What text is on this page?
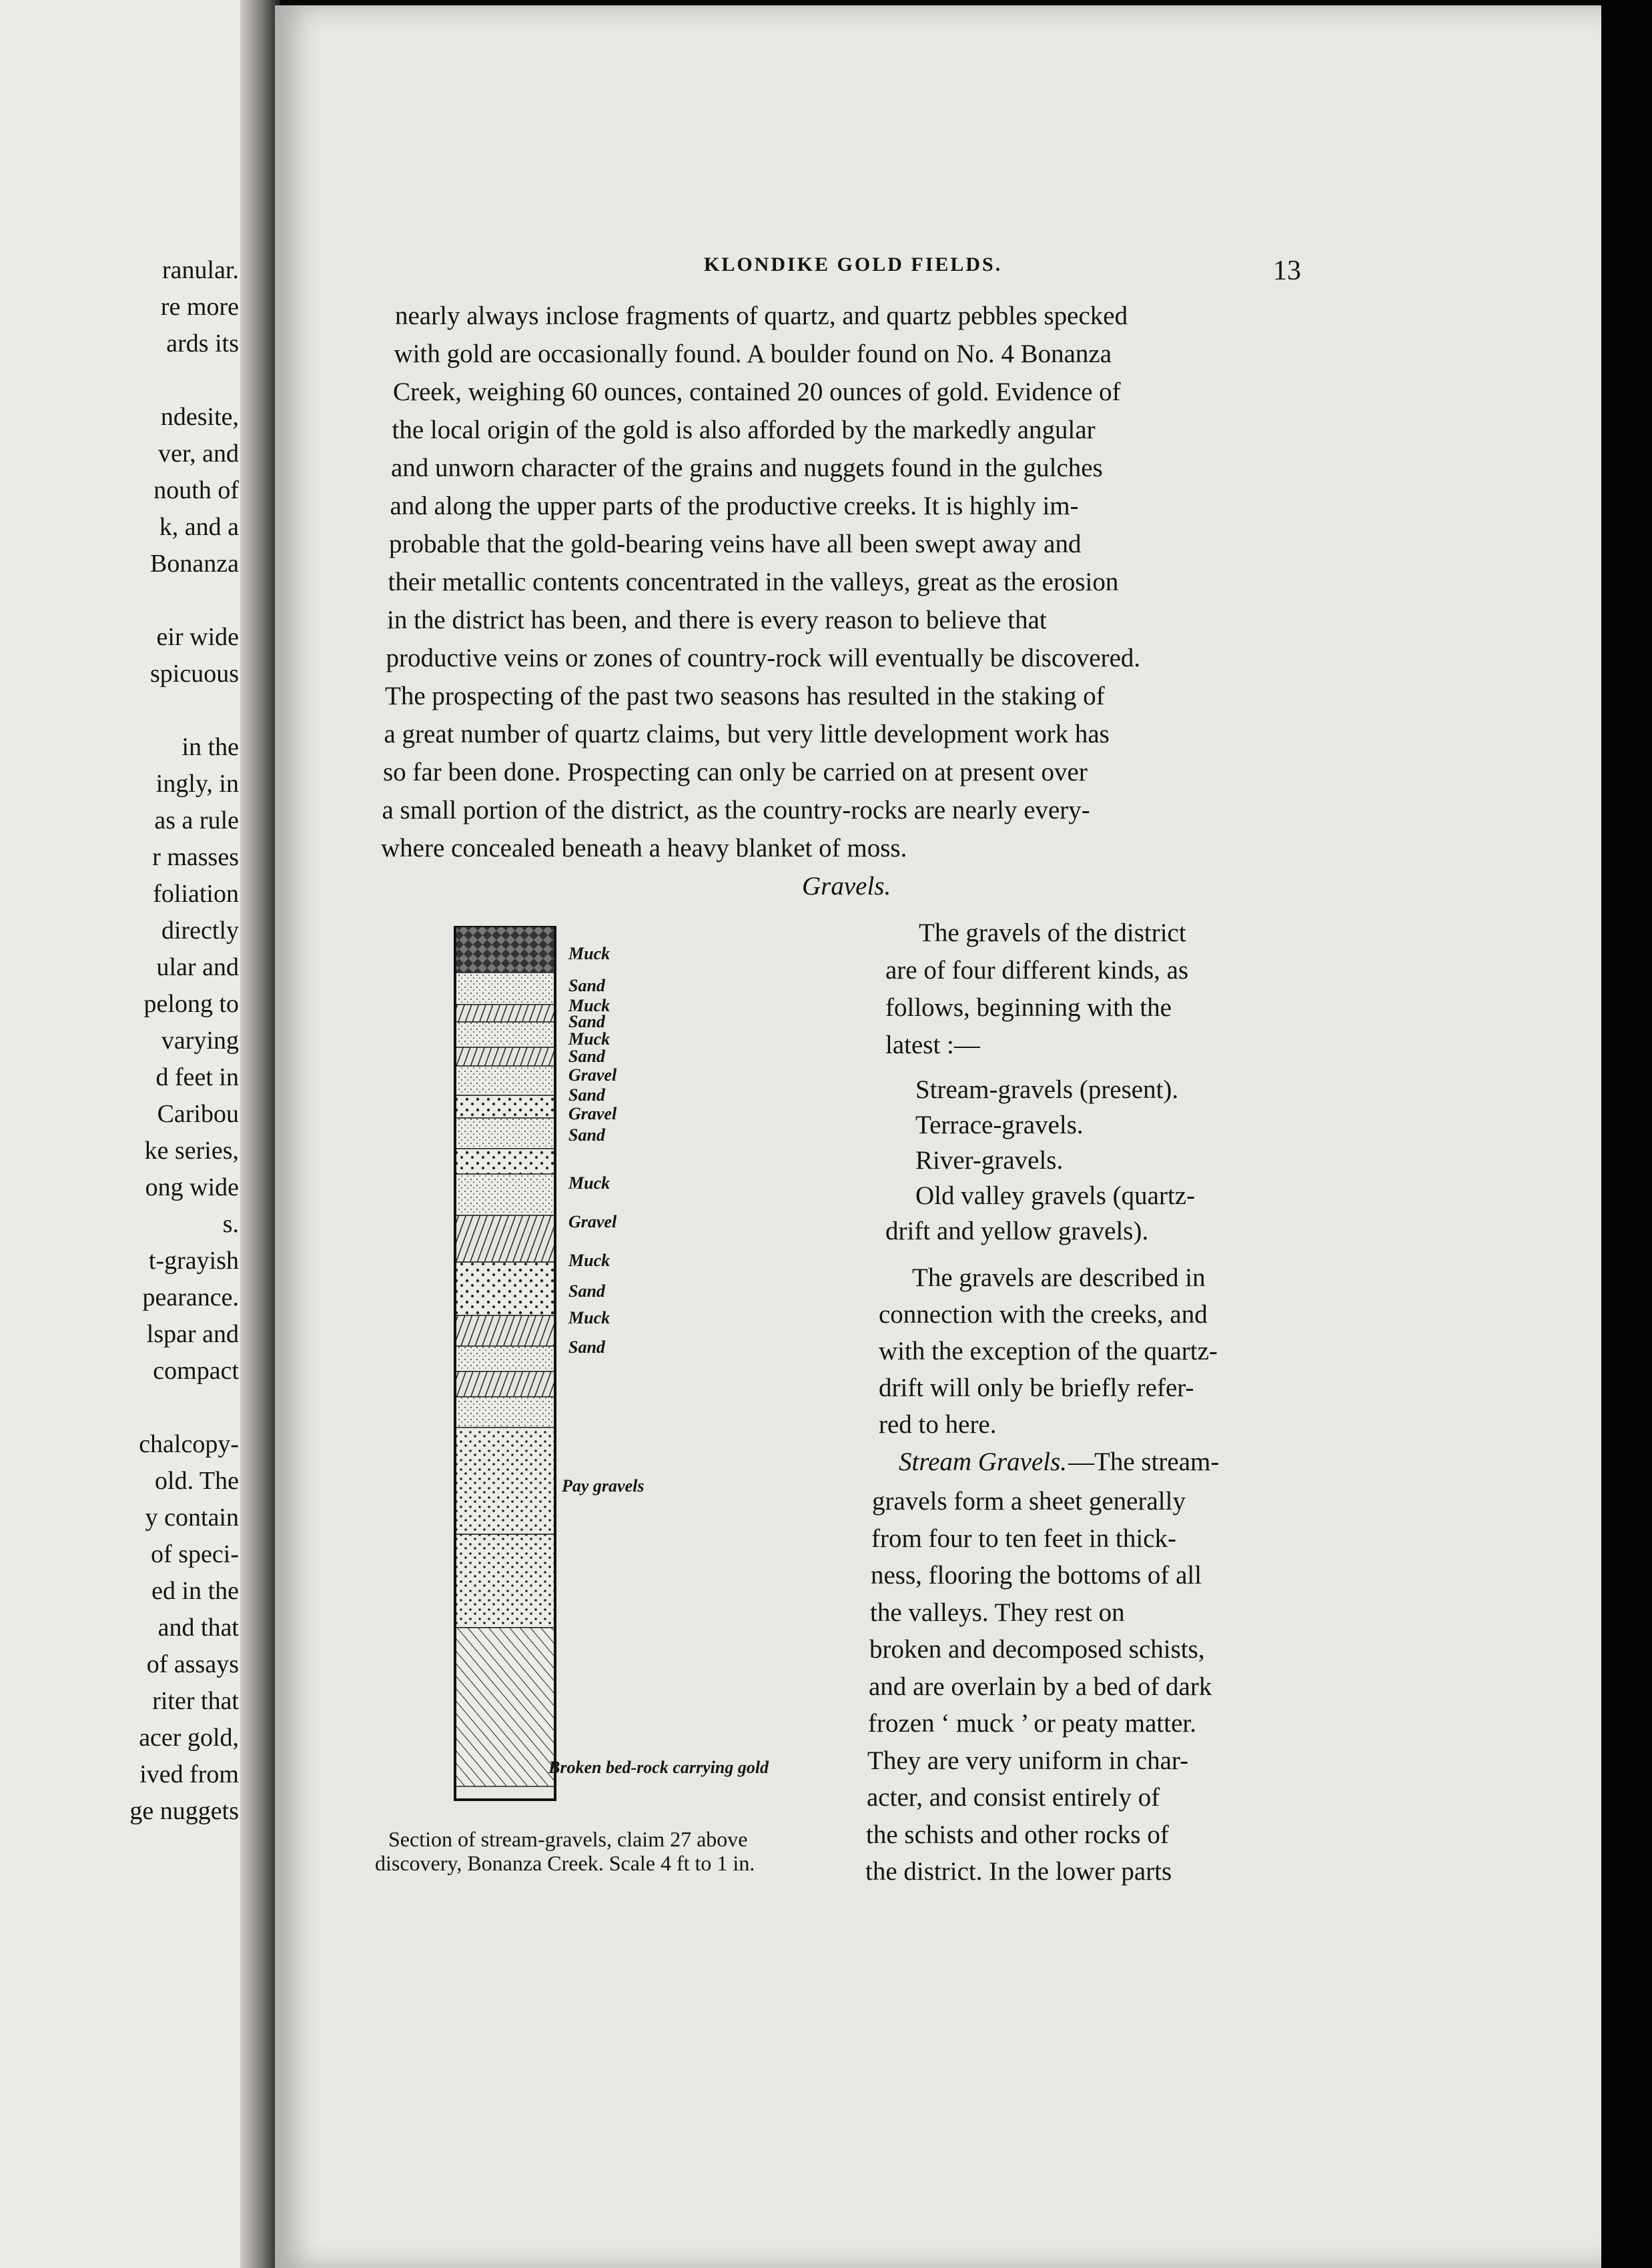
ranular.
re more
ards its
ndesite,
ver, and
nouth of
k, and a
Bonanza
eir wide
spicuous
in the
ingly, in
as a rule
r masses
foliation
directly
ular and
pelong to
varying
d feet in
Caribou
ke series,
ong wide
s.
t-grayish
pearance.
lspar and
compact
chalcopy-
old. The
y contain
of speci-
ed in the
and that
of assays
riter that
acer gold,
ived from
ge nuggets
KLONDIKE GOLD FIELDS.	13
nearly always inclose fragments of quartz, and quartz pebbles specked
with gold are occasionally found. A boulder found on No. 4 Bonanza
Creek, weighing 60 ounces, contained 20 ounces of gold. Evidence of
the local origin of the gold is also afforded by the markedly angular
and unworn character of the grains and nuggets found in the gulches
and along the upper parts of the productive creeks. It is highly im-
probable that the gold-bearing veins have all been swept away and
their metallic contents concentrated in the valleys, great as the erosion
in the district has been, and there is every reason to believe that
productive veins or zones of country-rock will eventually be discovered.
The prospecting of the past two seasons has resulted in the staking of
a great number of quartz claims, but very little development work has
so far been done. Prospecting can only be carried on at present over
a small portion of the district, as the country-rocks are nearly every-
where concealed beneath a heavy blanket of moss.
Gravels.
The gravels of the district
are of four different kinds, as
follows, beginning with the
latest :—
Stream-gravels (present).
Terrace-gravels.
River-gravels.
Old valley gravels (quartz-
drift and yellow gravels).
The gravels are described in
connection with the creeks, and
with the exception of the quartz-
drift will only be briefly refer-
red to here.
Stream Gravels. —The stream-
gravels form a sheet generally
from four to ten feet in thick-
ness, flooring the bottoms of all
the valleys. They rest on
broken and decomposed schists,
and are overlain by a bed of dark
frozen ‘ muck ’ or peaty matter.
They are very uniform in char-
acter, and consist entirely of
the schists and other rocks of
the district. In the lower parts
Muck
Sand
Muck
Sand
Muck
Sand
Gravel
Sand
Gravel
Sand
Muck
Gravel
Muck
Sand
Muck
Sand
Pay gravels
Broken bed-rock carrying gold
Section of stream-gravels, claim 27 above
discovery, Bonanza Creek. Scale 4 ft to 1 in.
